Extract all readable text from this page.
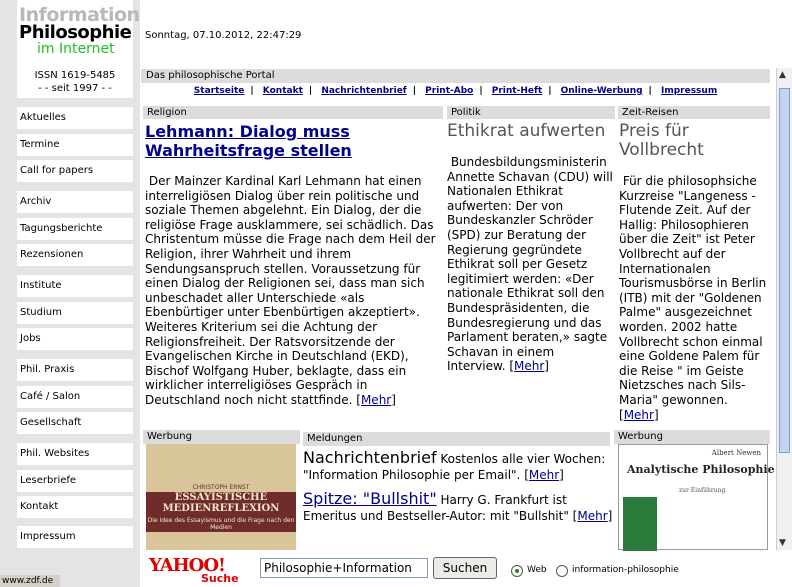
Information
Philosophie
im Internet
ISSN 1619-5485
- - seit 1997 - -
Aktuelles
Termine
Call for papers
Archiv
Tagungsberichte
Rezensionen
Institute
Studium
Jobs
Phil. Praxis
Café / Salon
Gesellschaft
Phil. Websites
Leserbriefe
Kontakt
Impressum
Sonntag, 07.10.2012, 22:47:29
Das philosophische Portal
Startseite | Kontakt | Nachrichtenbrief | Print-Abo | Print-Heft | Online-Werbung | Impressum
Religion	Politik	Zeit-Reisen
Lehmann: Dialog muss Wahrheitsfrage stellen

Der Mainzer Kardinal Karl Lehmann hat einen interreligiösen Dialog über rein politische und soziale Themen abgelehnt. Ein Dialog, der die religiöse Frage ausklammere, sei schädlich. Das Christentum müsse die Frage nach dem Heil der Religion, ihrer Wahrheit und ihrem Sendungsanspruch stellen. Voraussetzung für einen Dialog der Religionen sei, dass man sich unbeschadet aller Unterschiede «als Ebenbürtiger unter Ebenbürtigen akzeptiert». Weiteres Kriterium sei die Achtung der Religionsfreiheit. Der Ratsvorsitzende der Evangelischen Kirche in Deutschland (EKD), Bischof Wolfgang Huber, beklagte, dass ein wirklicher interreligiöses Gespräch in Deutschland noch nicht stattfinde. [Mehr]

Ethikrat aufwerten

Bundesbildungsministerin Annette Schavan (CDU) will Nationalen Ethikrat aufwerten: Der von Bundeskanzler Schröder (SPD) zur Beratung der Regierung gegründete Ethikrat soll per Gesetz legitimiert werden: «Der nationale Ethikrat soll den Bundespräsidenten, die Bundesregierung und das Parlament beraten,» sagte Schavan in einem Interview. [Mehr]

Preis für Vollbrecht

Für die philosophsiche Kurzreise "Langeness - Flutende Zeit. Auf der Hallig: Philosophieren über die Zeit" ist Peter Vollbrecht auf der Internationalen Tourismusbörse in Berlin (ITB) mit der "Goldenen Palme" ausgezeichnet worden. 2002 hatte Vollbrecht schon einmal eine Goldene Palem für die Reise " im Geiste Nietzsches nach Sils-Maria" gewonnen. [Mehr]

▲
▼
Werbung	Meldungen	Werbung
CHRISTOPH ERNST
ESSAYISTISCHE
MEDIENREFLEXION
Die Idee des Essayismus und die Frage nach den Medien
Nachrichtenbrief Kostenlos alle vier Wochen: "Information Philosophie per Email". [Mehr]
Spitze: "Bullshit" Harry G. Frankfurt ist Emeritus und Bestseller-Autor: mit "Bullshit" [Mehr]
Albert Newen
Analytische Philosophie
zur Einführung
YAHOO!
Suche
Philosophie+Information
Suchen	Web	information-philosophie
www.zdf.de
